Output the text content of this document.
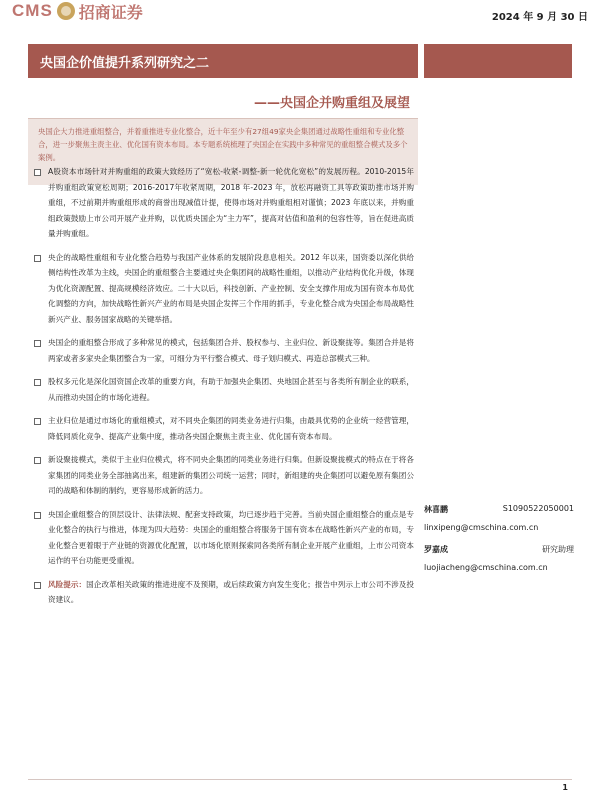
CMS 招商证券	2024 年 9 月 30 日
央国企价值提升系列研究之二
——央国企并购重组及展望
央国企大力推进重组整合，并着重推进专业化整合，近十年至少有27组49家央企集团通过战略性重组和专业化整合，进一步聚焦主责主业、优化国有资本布局。本专题系统梳理了央国企在实践中多种常见的重组整合模式及多个案例。
A股资本市场针对并购重组的政策大致经历了“宽松-收紧-调整-新一轮优化宽松”的发展历程。2010-2015年并购重组政策宽松周期；2016-2017年收紧周期，2018 年-2023 年，放松再融资工具等政策助推市场并购重组，不过前期并购重组形成的商誉出现减值计提，使得市场对并购重组相对谨慎；2023 年底以来，并购重组政策鼓励上市公司开展产业并购，以优质央国企为“主力军”，提高对估值和盈利的包容性等，旨在促进高质量并购重组。
央企的战略性重组和专业化整合趋势与我国产业体系的发展阶段息息相关。2012 年以来，国资委以深化供给侧结构性改革为主线，央国企的重组整合主要通过央企集团间的战略性重组，以推动产业结构优化升级，体现为优化资源配置、提高规模经济效应。二十大以后，科技创新、产业控制、安全支撑作用成为国有资本布局优化调整的方向，加快战略性新兴产业的布局是央国企发挥三个作用的抓手，专业化整合成为央国企布局战略性新兴产业、服务国家战略的关键举措。
央国企的重组整合形成了多种常见的模式，包括集团合并、股权参与、主业归位、新设聚拢等。集团合并是将两家或者多家央企集团整合为一家，可细分为平行整合模式、母子划归模式、再造总部模式三种。
股权多元化是深化国资国企改革的重要方向，有助于加强央企集团、央地国企甚至与各类所有制企业的联系，从而推动央国企的市场化进程。
主业归位是通过市场化的重组模式，对不同央企集团的同类业务进行归集，由最具优势的企业统一经营管理，降低同质化竞争、提高产业集中度，推动各央国企聚焦主责主业、优化国有资本布局。
新设聚拢模式，类似于主业归位模式，将不同央企集团的同类业务进行归集。但新设聚拢模式的特点在于将各家集团的同类业务全部抽离出来，组建新的集团公司统一运营；同时，新组建的央企集团可以避免原有集团公司的战略和体制的制约，更容易形成新的活力。
央国企重组整合的顶层设计、法律法规、配套支持政策，均已逐步趋于完善。当前央国企重组整合的重点是专业化整合的执行与推进，体现为四大趋势：央国企的重组整合将服务于国有资本在战略性新兴产业的布局，专业化整合更着眼于产业链的资源优化配置，以市场化原则探索同各类所有制企业开展产业重组，上市公司资本运作的平台功能更受重视。
风险提示：国企改革相关政策的推进进度不及预期，或后续政策方向发生变化；报告中列示上市公司不涉及投资建议。
林喜鹏	S1090522050001
linxipeng@cmschina.com.cn
罗嘉成	研究助理
luojiacheng@cmschina.com.cn
1
